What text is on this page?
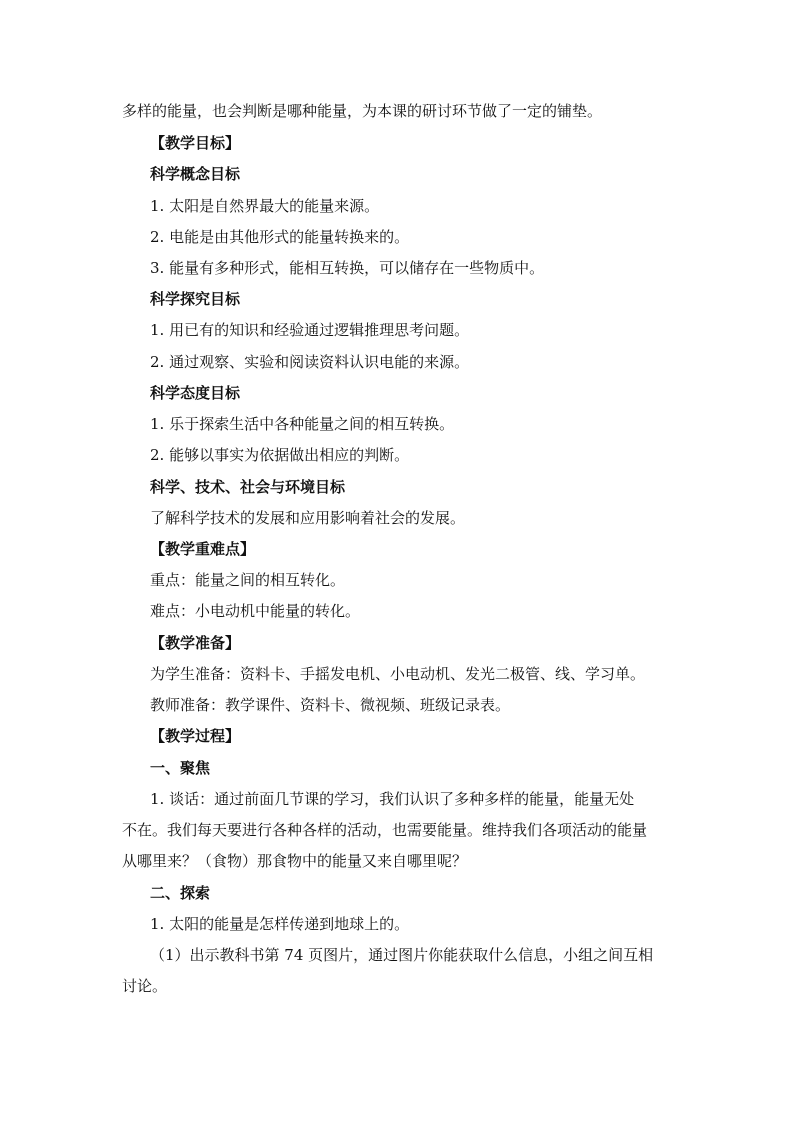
多样的能量，也会判断是哪种能量，为本课的研讨环节做了一定的铺垫。
【教学目标】
科学概念目标
1. 太阳是自然界最大的能量来源。
2. 电能是由其他形式的能量转换来的。
3. 能量有多种形式，能相互转换，可以储存在一些物质中。
科学探究目标
1. 用已有的知识和经验通过逻辑推理思考问题。
2. 通过观察、实验和阅读资料认识电能的来源。
科学态度目标
1. 乐于探索生活中各种能量之间的相互转换。
2. 能够以事实为依据做出相应的判断。
科学、技术、社会与环境目标
了解科学技术的发展和应用影响着社会的发展。
【教学重难点】
重点：能量之间的相互转化。
难点：小电动机中能量的转化。
【教学准备】
为学生准备：资料卡、手摇发电机、小电动机、发光二极管、线、学习单。
教师准备：教学课件、资料卡、微视频、班级记录表。
【教学过程】
一、聚焦
1. 谈话：通过前面几节课的学习，我们认识了多种多样的能量，能量无处
不在。我们每天要进行各种各样的活动，也需要能量。维持我们各项活动的能量
从哪里来？（食物）那食物中的能量又来自哪里呢？
二、探索
1. 太阳的能量是怎样传递到地球上的。
（1）出示教科书第 74 页图片，通过图片你能获取什么信息，小组之间互相
讨论。
